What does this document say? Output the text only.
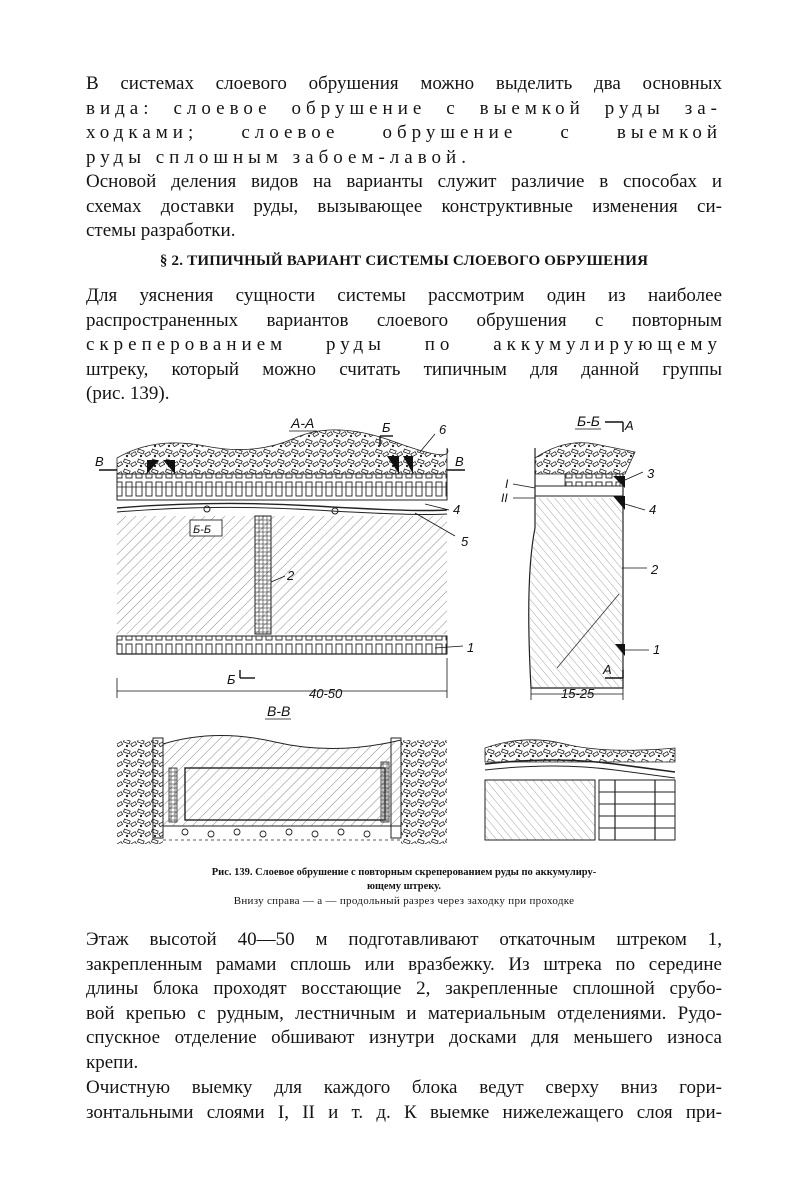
В системах слоевого обрушения можно выделить два основных
вида: слоевое обрушение с выемкой руды за-
ходками; слоевое обрушение с выемкой
руды сплошным забоем-лавой.
Основой деления видов на варианты служит различие в способах и
схемах доставки руды, вызывающее конструктивные изменения си-
стемы разработки.
§ 2. ТИПИЧНЫЙ ВАРИАНТ СИСТЕМЫ СЛОЕВОГО ОБРУШЕНИЯ
Для уяснения сущности системы рассмотрим один из наиболее
распространенных вариантов слоевого обрушения с повторным
скреперованием руды по аккумулирующему
штреку, который можно считать типичным для данной группы
(рис. 139).
А-А	Б	6
В	В
4
5
Б-Б
2
1
Б
40-50
Б-Б А
3
4
2
1
I
II
А
15-25
В-В
Рис. 139. Слоевое обрушение с повторным скреперованием руды по аккумулиру-
ющему штреку.
Внизу справа — а — продольный разрез через заходку при проходке
Этаж высотой 40—50 м подготавливают откаточным штреком 1,
закрепленным рамами сплошь или вразбежку. Из штрека по середине
длины блока проходят восстающие 2, закрепленные сплошной срубо-
вой крепью с рудным, лестничным и материальным отделениями. Рудо-
спускное отделение обшивают изнутри досками для меньшего износа
крепи.
Очистную выемку для каждого блока ведут сверху вниз гори-
зонтальными слоями I, II и т. д. К выемке нижележащего слоя при-
